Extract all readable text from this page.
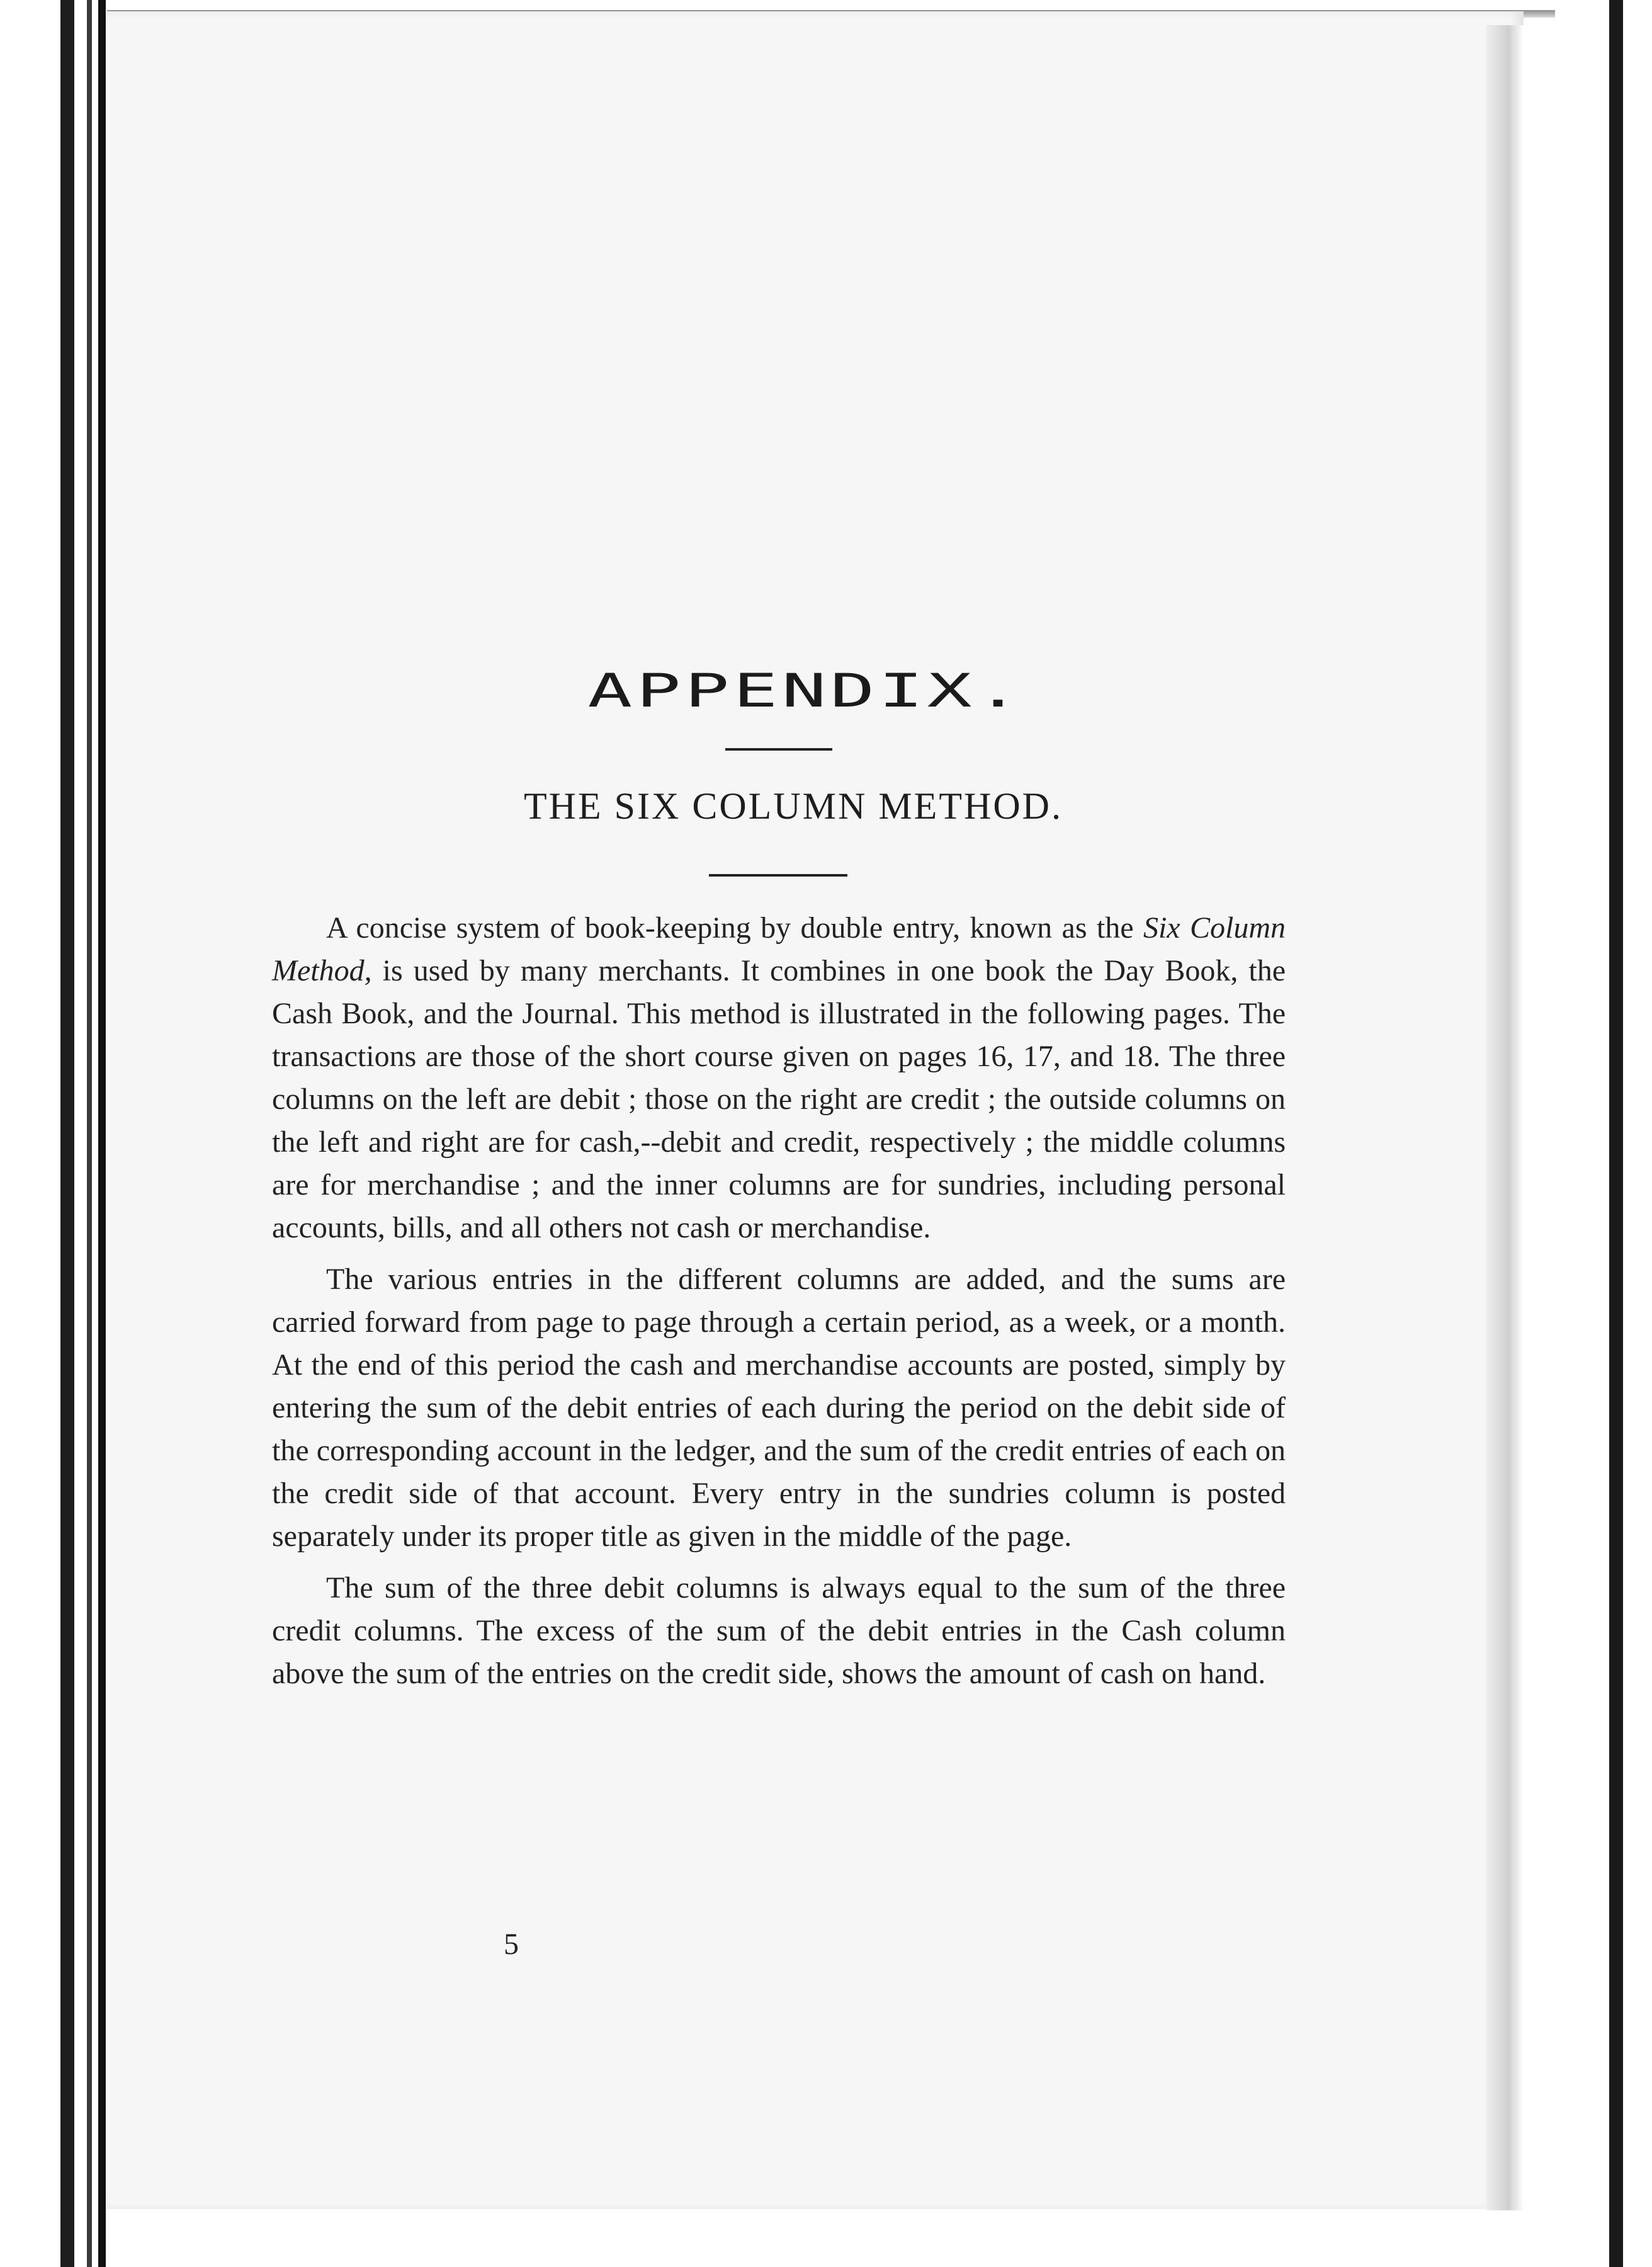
APPENDIX.
THE SIX COLUMN METHOD.

A concise system of book-keeping by double entry, known as the Six Column Method, is used by many merchants. It combines in one book the Day Book, the Cash Book, and the Journal. This method is illustrated in the following pages. The transactions are those of the short course given on pages 16, 17, and 18. The three columns on the left are debit ; those on the right are credit ; the outside columns on the left and right are for cash,--debit and credit, respectively ; the middle columns are for merchandise ; and the inner columns are for sundries, including personal accounts, bills, and all others not cash or merchandise.

The various entries in the different columns are added, and the sums are carried forward from page to page through a certain period, as a week, or a month. At the end of this period the cash and merchandise accounts are posted, simply by entering the sum of the debit entries of each during the period on the debit side of the corresponding account in the ledger, and the sum of the credit entries of each on the credit side of that account. Every entry in the sundries column is posted separately under its proper title as given in the middle of the page.

The sum of the three debit columns is always equal to the sum of the three credit columns. The excess of the sum of the debit entries in the Cash column above the sum of the entries on the credit side, shows the amount of cash on hand.

5
